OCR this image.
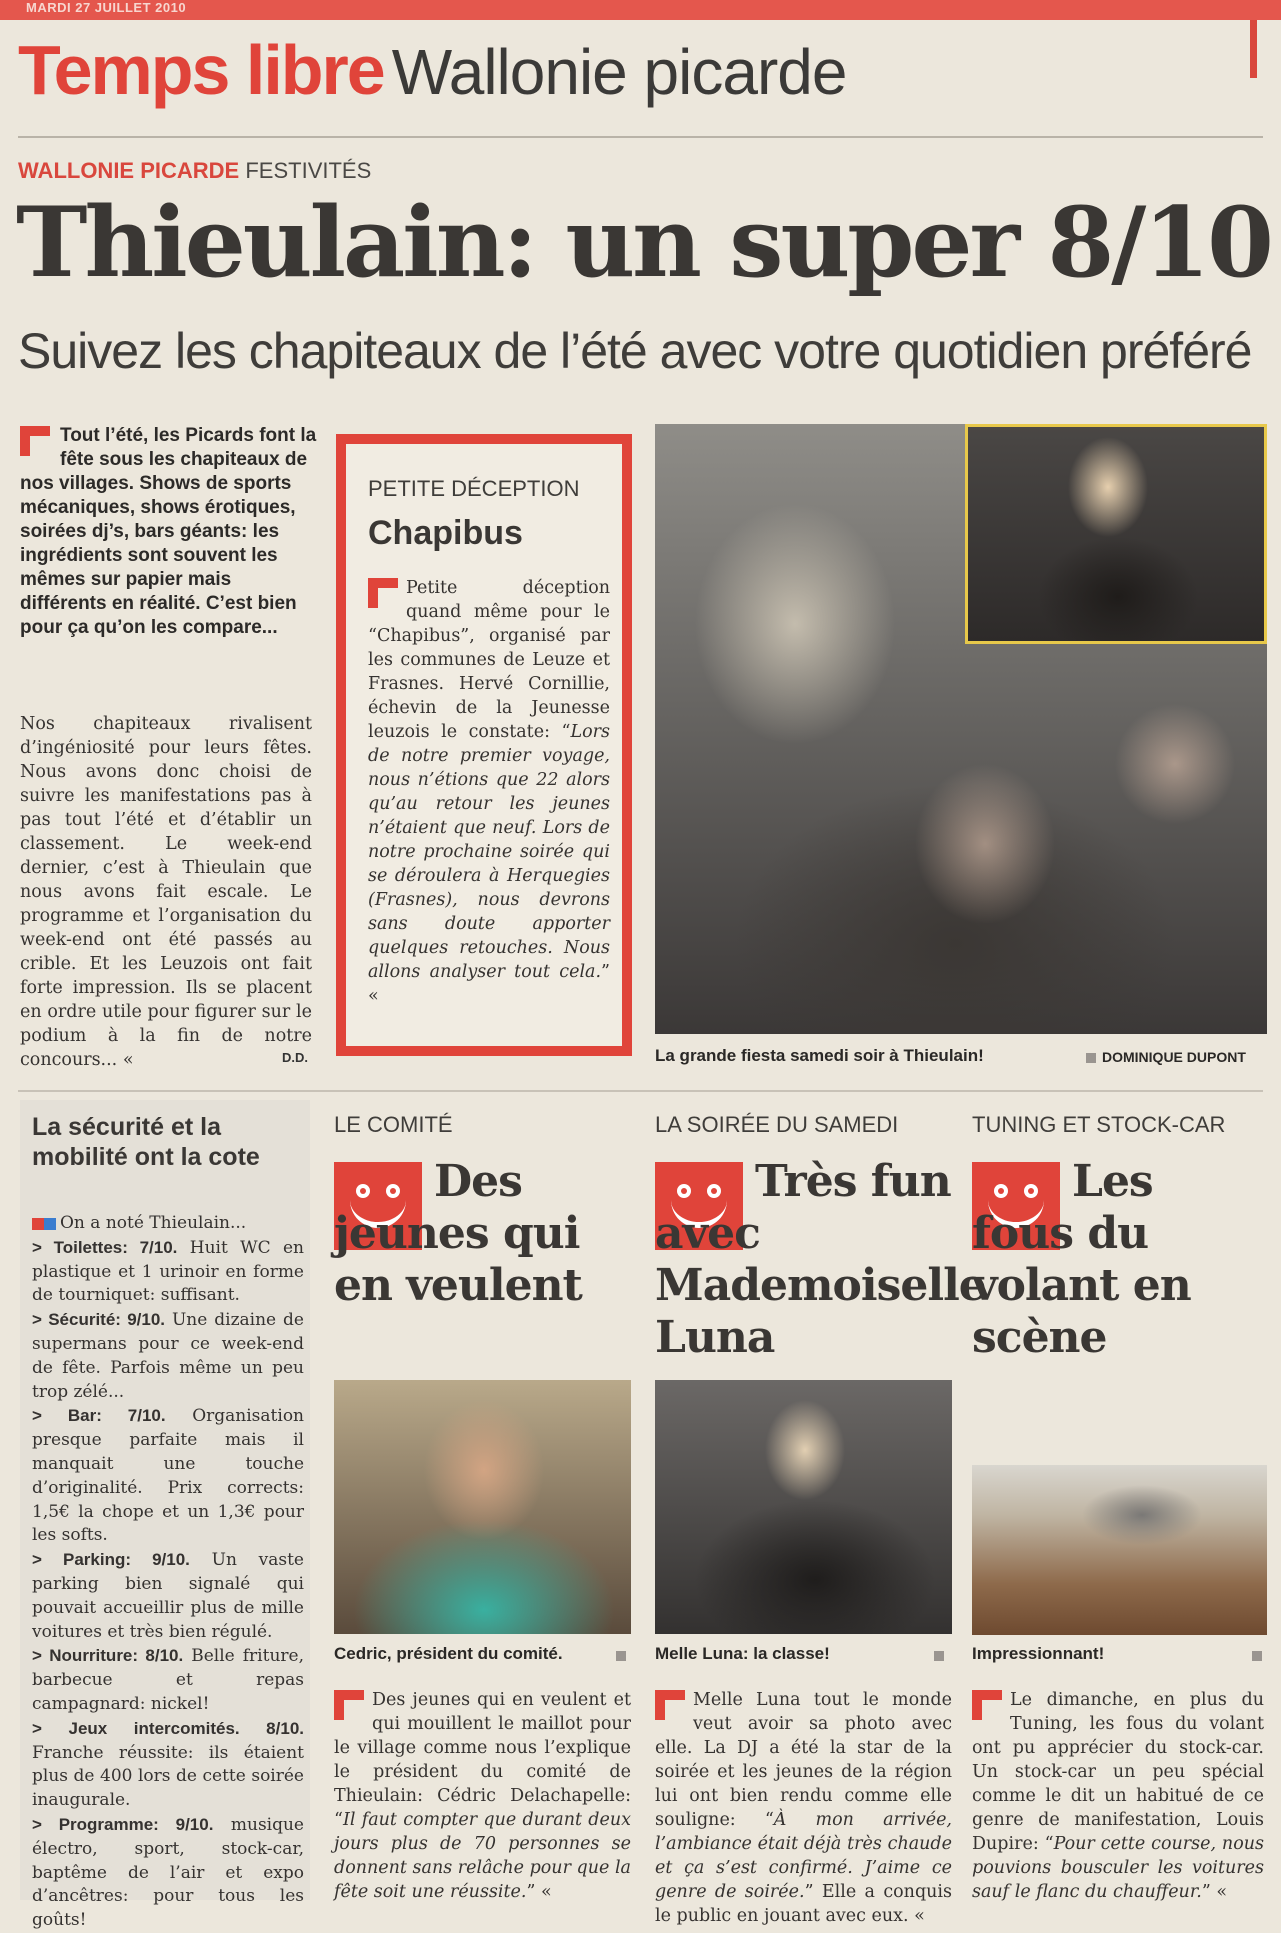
MARDI 27 JUILLET 2010
Temps libre Wallonie picarde
WALLONIE PICARDE FESTIVITÉS
Thieulain: un super 8/10
Suivez les chapiteaux de l’été avec votre quotidien préféré
Tout l’été, les Picards font la fête sous les chapiteaux de nos villages. Shows de sports mécaniques, shows érotiques, soirées dj’s, bars géants: les ingrédients sont souvent les mêmes sur papier mais différents en réalité. C’est bien pour ça qu’on les compare...
Nos chapiteaux rivalisent d’ingéniosité pour leurs fêtes. Nous avons donc choisi de suivre les manifestations pas à pas tout l’été et d’établir un classement. Le week-end dernier, c’est à Thieulain que nous avons fait escale. Le programme et l’organisation du week-end ont été passés au crible. Et les Leuzois ont fait forte impression. Ils se placent en ordre utile pour figurer sur le podium à la fin de notre concours... «	D.D.
PETITE DÉCEPTION
Chapibus
Petite déception quand même pour le “Chapibus”, organisé par les communes de Leuze et Frasnes. Hervé Cornillie, échevin de la Jeunesse leuzois le constate: “Lors de notre premier voyage, nous n’étions que 22 alors qu’au retour les jeunes n’étaient que neuf. Lors de notre prochaine soirée qui se déroulera à Herquegies (Frasnes), nous devrons sans doute apporter quelques retouches. Nous allons analyser tout cela.” «
La grande fiesta samedi soir à Thieulain!	DOMINIQUE DUPONT
La sécurité et la mobilité ont la cote
On a noté Thieulain...
> Toilettes: 7/10. Huit WC en plastique et 1 urinoir en forme de tourniquet: suffisant.
> Sécurité: 9/10. Une dizaine de supermans pour ce week-end de fête. Parfois même un peu trop zélé...
> Bar: 7/10. Organisation presque parfaite mais il manquait une touche d’originalité. Prix corrects: 1,5€ la chope et un 1,3€ pour les softs.
> Parking: 9/10. Un vaste parking bien signalé qui pouvait accueillir plus de mille voitures et très bien régulé.
> Nourriture: 8/10. Belle friture, barbecue et repas campagnard: nickel!
> Jeux intercomités. 8/10. Franche réussite: ils étaient plus de 400 lors de cette soirée inaugurale.
> Programme: 9/10. musique électro, sport, stock-car, baptême de l’air et expo d’ancêtres: pour tous les goûts!
LE COMITÉ
Des jeunes qui en veulent
Cedric, président du comité.
Des jeunes qui en veulent et qui mouillent le maillot pour le village comme nous l’explique le président du comité de Thieulain: Cédric Delachapelle: “Il faut compter que durant deux jours plus de 70 personnes se donnent sans relâche pour que la fête soit une réussite.” «
LA SOIRÉE DU SAMEDI
Très fun avec Mademoiselle Luna
Melle Luna: la classe!
Melle Luna tout le monde veut avoir sa photo avec elle. La DJ a été la star de la soirée et les jeunes de la région lui ont bien rendu comme elle souligne: “À mon arrivée, l’ambiance était déjà très chaude et ça s’est confirmé. J’aime ce genre de soirée.” Elle a conquis le public en jouant avec eux. «
TUNING ET STOCK-CAR
Les fous du volant en scène
Impressionnant!
Le dimanche, en plus du Tuning, les fous du volant ont pu apprécier du stock-car. Un stock-car un peu spécial comme le dit un habitué de ce genre de manifestation, Louis Dupire: “Pour cette course, nous pouvions bousculer les voitures sauf le flanc du chauffeur.” «
